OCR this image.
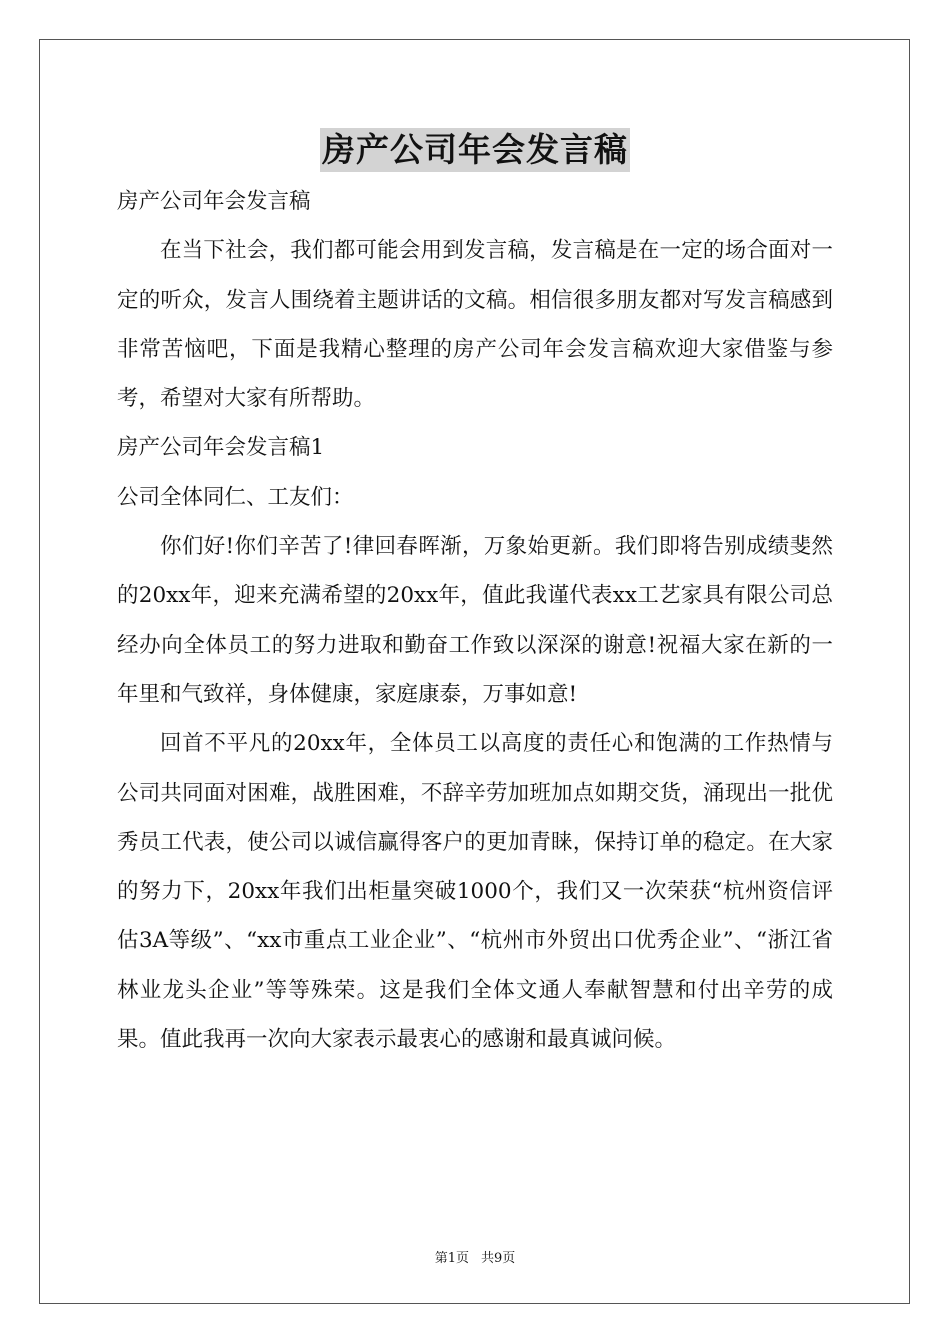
房产公司年会发言稿

房产公司年会发言稿

在当下社会，我们都可能会用到发言稿，发言稿是在一定的场合面对一定的听众，发言人围绕着主题讲话的文稿。相信很多朋友都对写发言稿感到非常苦恼吧，下面是我精心整理的房产公司年会发言稿欢迎大家借鉴与参考，希望对大家有所帮助。

房产公司年会发言稿1

公司全体同仁、工友们：

你们好!你们辛苦了!律回春晖渐，万象始更新。我们即将告别成绩斐然的20xx年，迎来充满希望的20xx年，值此我谨代表xx工艺家具有限公司总经办向全体员工的努力进取和勤奋工作致以深深的谢意!祝福大家在新的一年里和气致祥，身体健康，家庭康泰，万事如意!

回首不平凡的20xx年，全体员工以高度的责任心和饱满的工作热情与公司共同面对困难，战胜困难，不辞辛劳加班加点如期交货，涌现出一批优秀员工代表，使公司以诚信赢得客户的更加青睐，保持订单的稳定。在大家的努力下，20xx年我们出柜量突破1000个，我们又一次荣获“杭州资信评估3A等级”、“xx市重点工业企业”、“杭州市外贸出口优秀企业”、“浙江省林业龙头企业”等等殊荣。这是我们全体文通人奉献智慧和付出辛劳的成果。值此我再一次向大家表示最衷心的感谢和最真诚问候。

第1页 共9页
